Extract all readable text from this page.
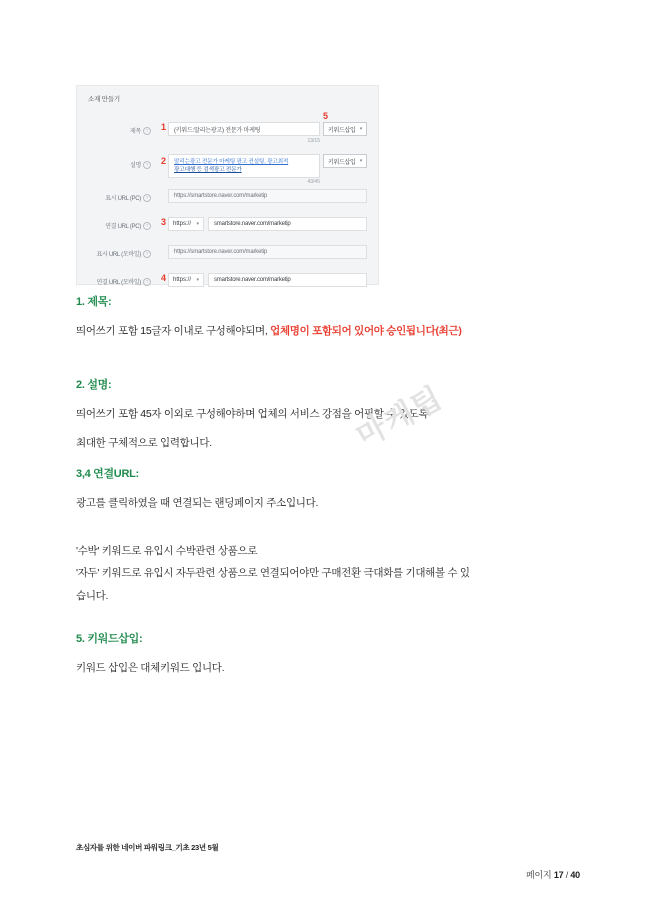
소재 만들기
제목 ?	1	(키워드:말리는광고) 전문가 마케팅
13/15
5
키워드삽입 ▾
설명 ?	2 말리는광고 전문가 마케팅 광고 컨설팅, 광고최적
광고대행 등 검색광고 전문가
43/45
키워드삽입 ▾
표시 URL (PC) ?	https://smartstore.naver.com/marketip
연결 URL (PC) ?	3 https:// ▾	smartstore.naver.com/marketip
표시 URL (모바일) ?	https://smartstore.naver.com/marketip
연결 URL (모바일) ?	4 https:// ▾	smartstore.naver.com/marketip
1. 제목:
띄어쓰기 포함 15글자 이내로 구성해야되며, 업체명이 포함되어 있어야 승인됩니다(최근)
2. 설명:
띄어쓰기 포함 45자 이외로 구성해야하며 업체의 서비스 강점을 어필할 수 있도록
최대한 구체적으로 입력합니다.
3,4 연결URL:
광고를 클릭하였을 때 연결되는 랜딩페이지 주소입니다.
'수박' 키워드로 유입시 수박관련 상품으로
'자두' 키워드로 유입시 자두관련 상품으로 연결되어야만 구매전환 극대화를 기대해볼 수 있
습니다.
5. 키워드삽입:
키워드 삽입은 대체키워드 입니다.
마케팁
초심자를 위한 네이버 파워링크_기초 23년 5월
페이지 17 / 40
